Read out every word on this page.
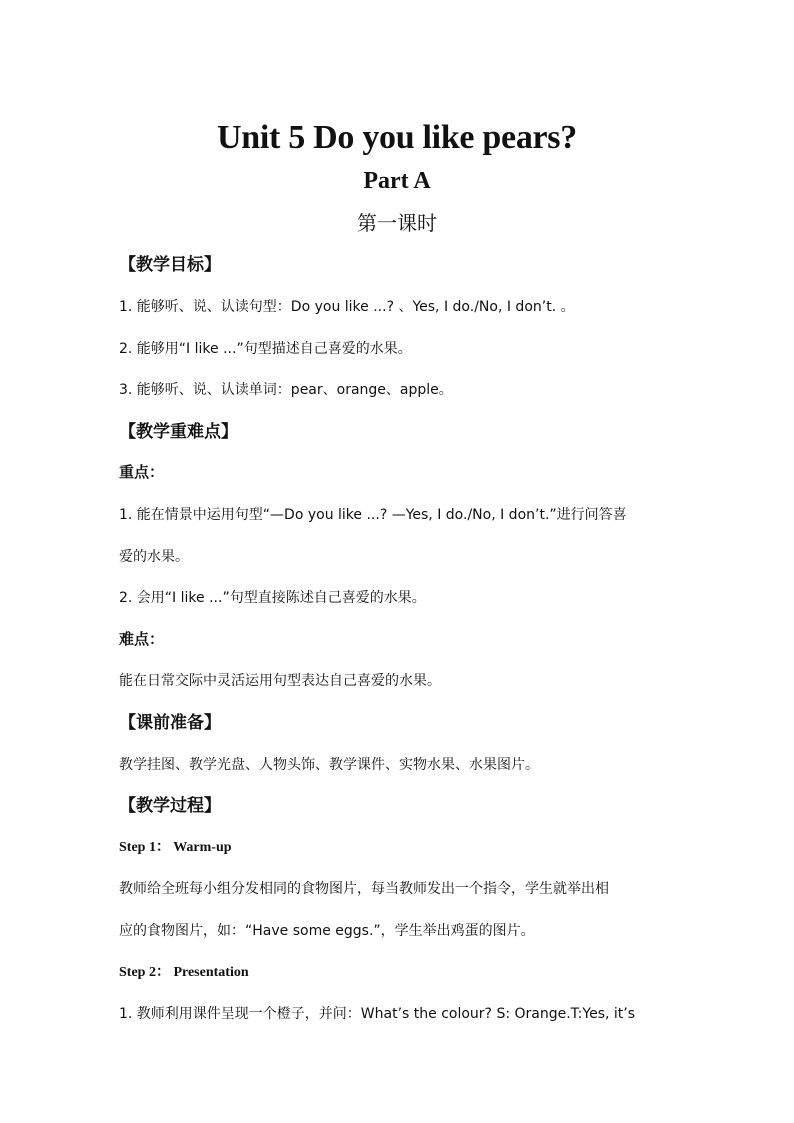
Unit 5 Do you like pears?
Part A
第一课时
【教学目标】

1. 能够听、说、认读句型：Do you like ...? 、Yes, I do./No, I don’t. 。

2. 能够用“I like ...”句型描述自己喜爱的水果。

3. 能够听、说、认读单词：pear、orange、apple。

【教学重难点】
重点：

1. 能在情景中运用句型“—Do you like ...? —Yes, I do./No, I don’t.”进行问答喜

爱的水果。

2. 会用“I like ...”句型直接陈述自己喜爱的水果。

难点：

能在日常交际中灵活运用句型表达自己喜爱的水果。

【课前准备】

教学挂图、教学光盘、人物头饰、教学课件、实物水果、水果图片。

【教学过程】
Step 1： Warm-up

教师给全班每小组分发相同的食物图片，每当教师发出一个指令，学生就举出相

应的食物图片，如：“Have some eggs.”，学生举出鸡蛋的图片。

Step 2： Presentation

1. 教师利用课件呈现一个橙子，并问：What’s the colour? S: Orange.T:Yes, it’s
